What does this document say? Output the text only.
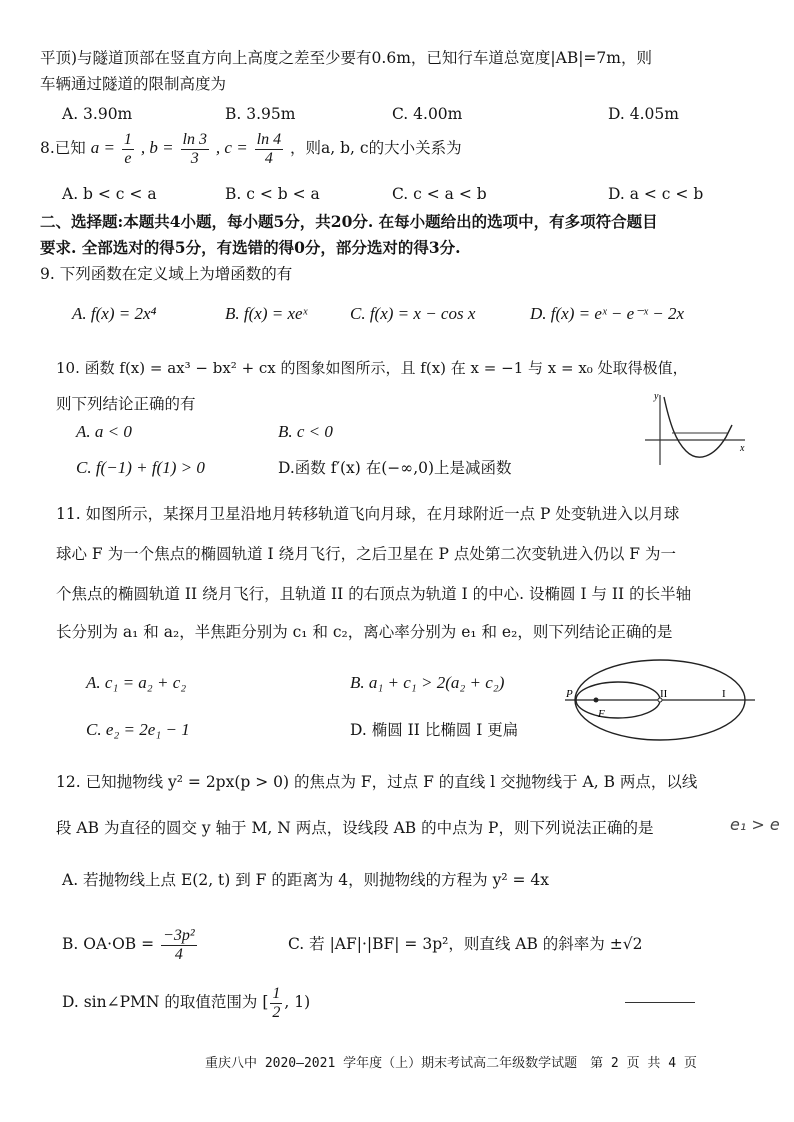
平顶)与隧道顶部在竖直方向上高度之差至少要有0.6m，已知行车道总宽度|AB|=7m，则
车辆通过隧道的限制高度为
A. 3.90m	B. 3.95m	C. 4.00m	D. 4.05m
8.已知 $a = \frac{1}{e}$ , $b = \frac{\ln 3}{3}$ , $c = \frac{\ln 4}{4}$ ，则a, b, c的大小关系为
A. b < c < a	B. c < b < a	C. c < a < b	D. a < c < b
二、选择题:本题共4小题，每小题5分，共20分. 在每小题给出的选项中，有多项符合题目
要求. 全部选对的得5分，有选错的得0分，部分选对的得3分.
9. 下列函数在定义域上为增函数的有
A. f(x) = 2x⁴	B. f(x) = xeˣ	C. f(x) = x − cos x	D. f(x) = eˣ − e⁻ˣ − 2x
10. 函数 f(x) = ax³ − bx² + cx 的图象如图所示，且 f(x) 在 x = −1 与 x = x₀ 处取得极值，
则下列结论正确的有
A. a < 0	B. c < 0
C. f(−1) + f(1) > 0	D.函数 f′(x) 在(−∞,0)上是减函数
y
x
11. 如图所示，某探月卫星沿地月转移轨道飞向月球，在月球附近一点 P 处变轨进入以月球
球心 F 为一个焦点的椭圆轨道 I 绕月飞行，之后卫星在 P 点处第二次变轨进入仍以 F 为一
个焦点的椭圆轨道 II 绕月飞行，且轨道 II 的右顶点为轨道 I 的中心. 设椭圆 I 与 II 的长半轴
长分别为 a₁ 和 a₂，半焦距分别为 c₁ 和 c₂，离心率分别为 e₁ 和 e₂，则下列结论正确的是
A. c₁ = a₂ + c₂	B. a₁ + c₁ > 2(a₂ + c₂)
C. e₂ = 2e₁ − 1	D. 椭圆 II 比椭圆 I 更扁
P
F
II	I
12. 已知抛物线 y² = 2px(p > 0) 的焦点为 F，过点 F 的直线 l 交抛物线于 A, B 两点，以线
段 AB 为直径的圆交 y 轴于 M, N 两点，设线段 AB 的中点为 P，则下列说法正确的是	e₁ > e
A. 若抛物线上点 E(2, t) 到 F 的距离为 4，则抛物线的方程为 y² = 4x
B. $OA\cdot OB = \frac{\text{−3p²}}{4}$	C. 若 |AF|·|BF| = 3p²，则直线 AB 的斜率为 ±√2
D. sin∠PMN 的取值范围为 [ $\frac{1}{2}$ , 1)
重庆八中 2020—2021 学年度（上）期末考试高二年级数学试题　第 2 页 共 4 页
